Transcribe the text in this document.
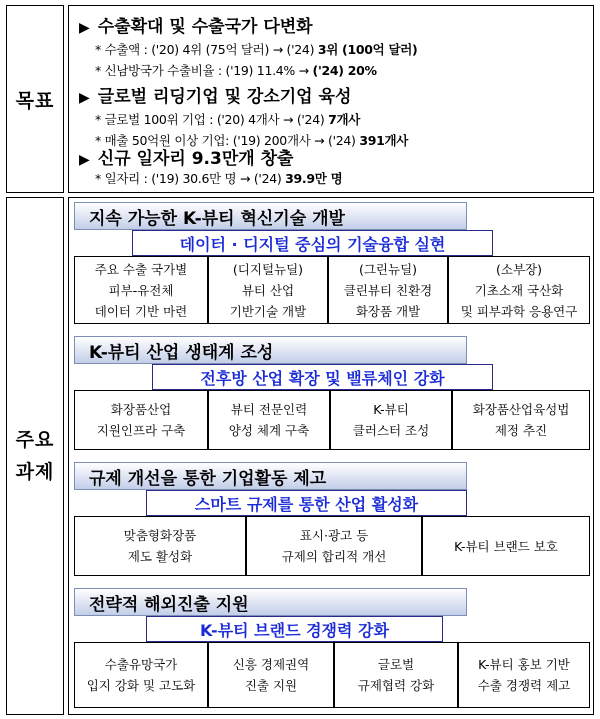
목표
▶ 수출확대 및 수출국가 다변화
* 수출액 : ('20) 4위 (75억 달러) → ('24) 3위 (100억 달러)
* 신남방국가 수출비율 : ('19) 11.4% → ('24) 20%
▶ 글로벌 리딩기업 및 강소기업 육성
* 글로벌 100위 기업 : ('20) 4개사 → ('24) 7개사
* 매출 50억원 이상 기업: ('19) 200개사 → ('24) 391개사
▶ 신규 일자리 9.3만개 창출
* 일자리 : ('19) 30.6만 명 → ('24) 39.9만 명
주요
과제
지속 가능한 K-뷰티 혁신기술 개발
데이터 · 디지털 중심의 기술융합 실현
주요 수출 국가별
피부-유전체
데이터 기반 마련
(디지털뉴딜)
뷰티 산업
기반기술 개발
(그린뉴딜)
클린뷰티 친환경
화장품 개발
(소부장)
기초소재 국산화
및 피부과학 응용연구
K-뷰티 산업 생태계 조성
전후방 산업 확장 및 밸류체인 강화
화장품산업
지원인프라 구축
뷰티 전문인력
양성 체계 구축
K-뷰티
클러스터 조성
화장품산업육성법
제정 추진
규제 개선을 통한 기업활동 제고
스마트 규제를 통한 산업 활성화
맞춤형화장품
제도 활성화
표시·광고 등
규제의 합리적 개선
K-뷰티 브랜드 보호
전략적 해외진출 지원
K-뷰티 브랜드 경쟁력 강화
수출유망국가
입지 강화 및 고도화
신흥 경제권역
진출 지원
글로벌
규제협력 강화
K-뷰티 홍보 기반
수출 경쟁력 제고
